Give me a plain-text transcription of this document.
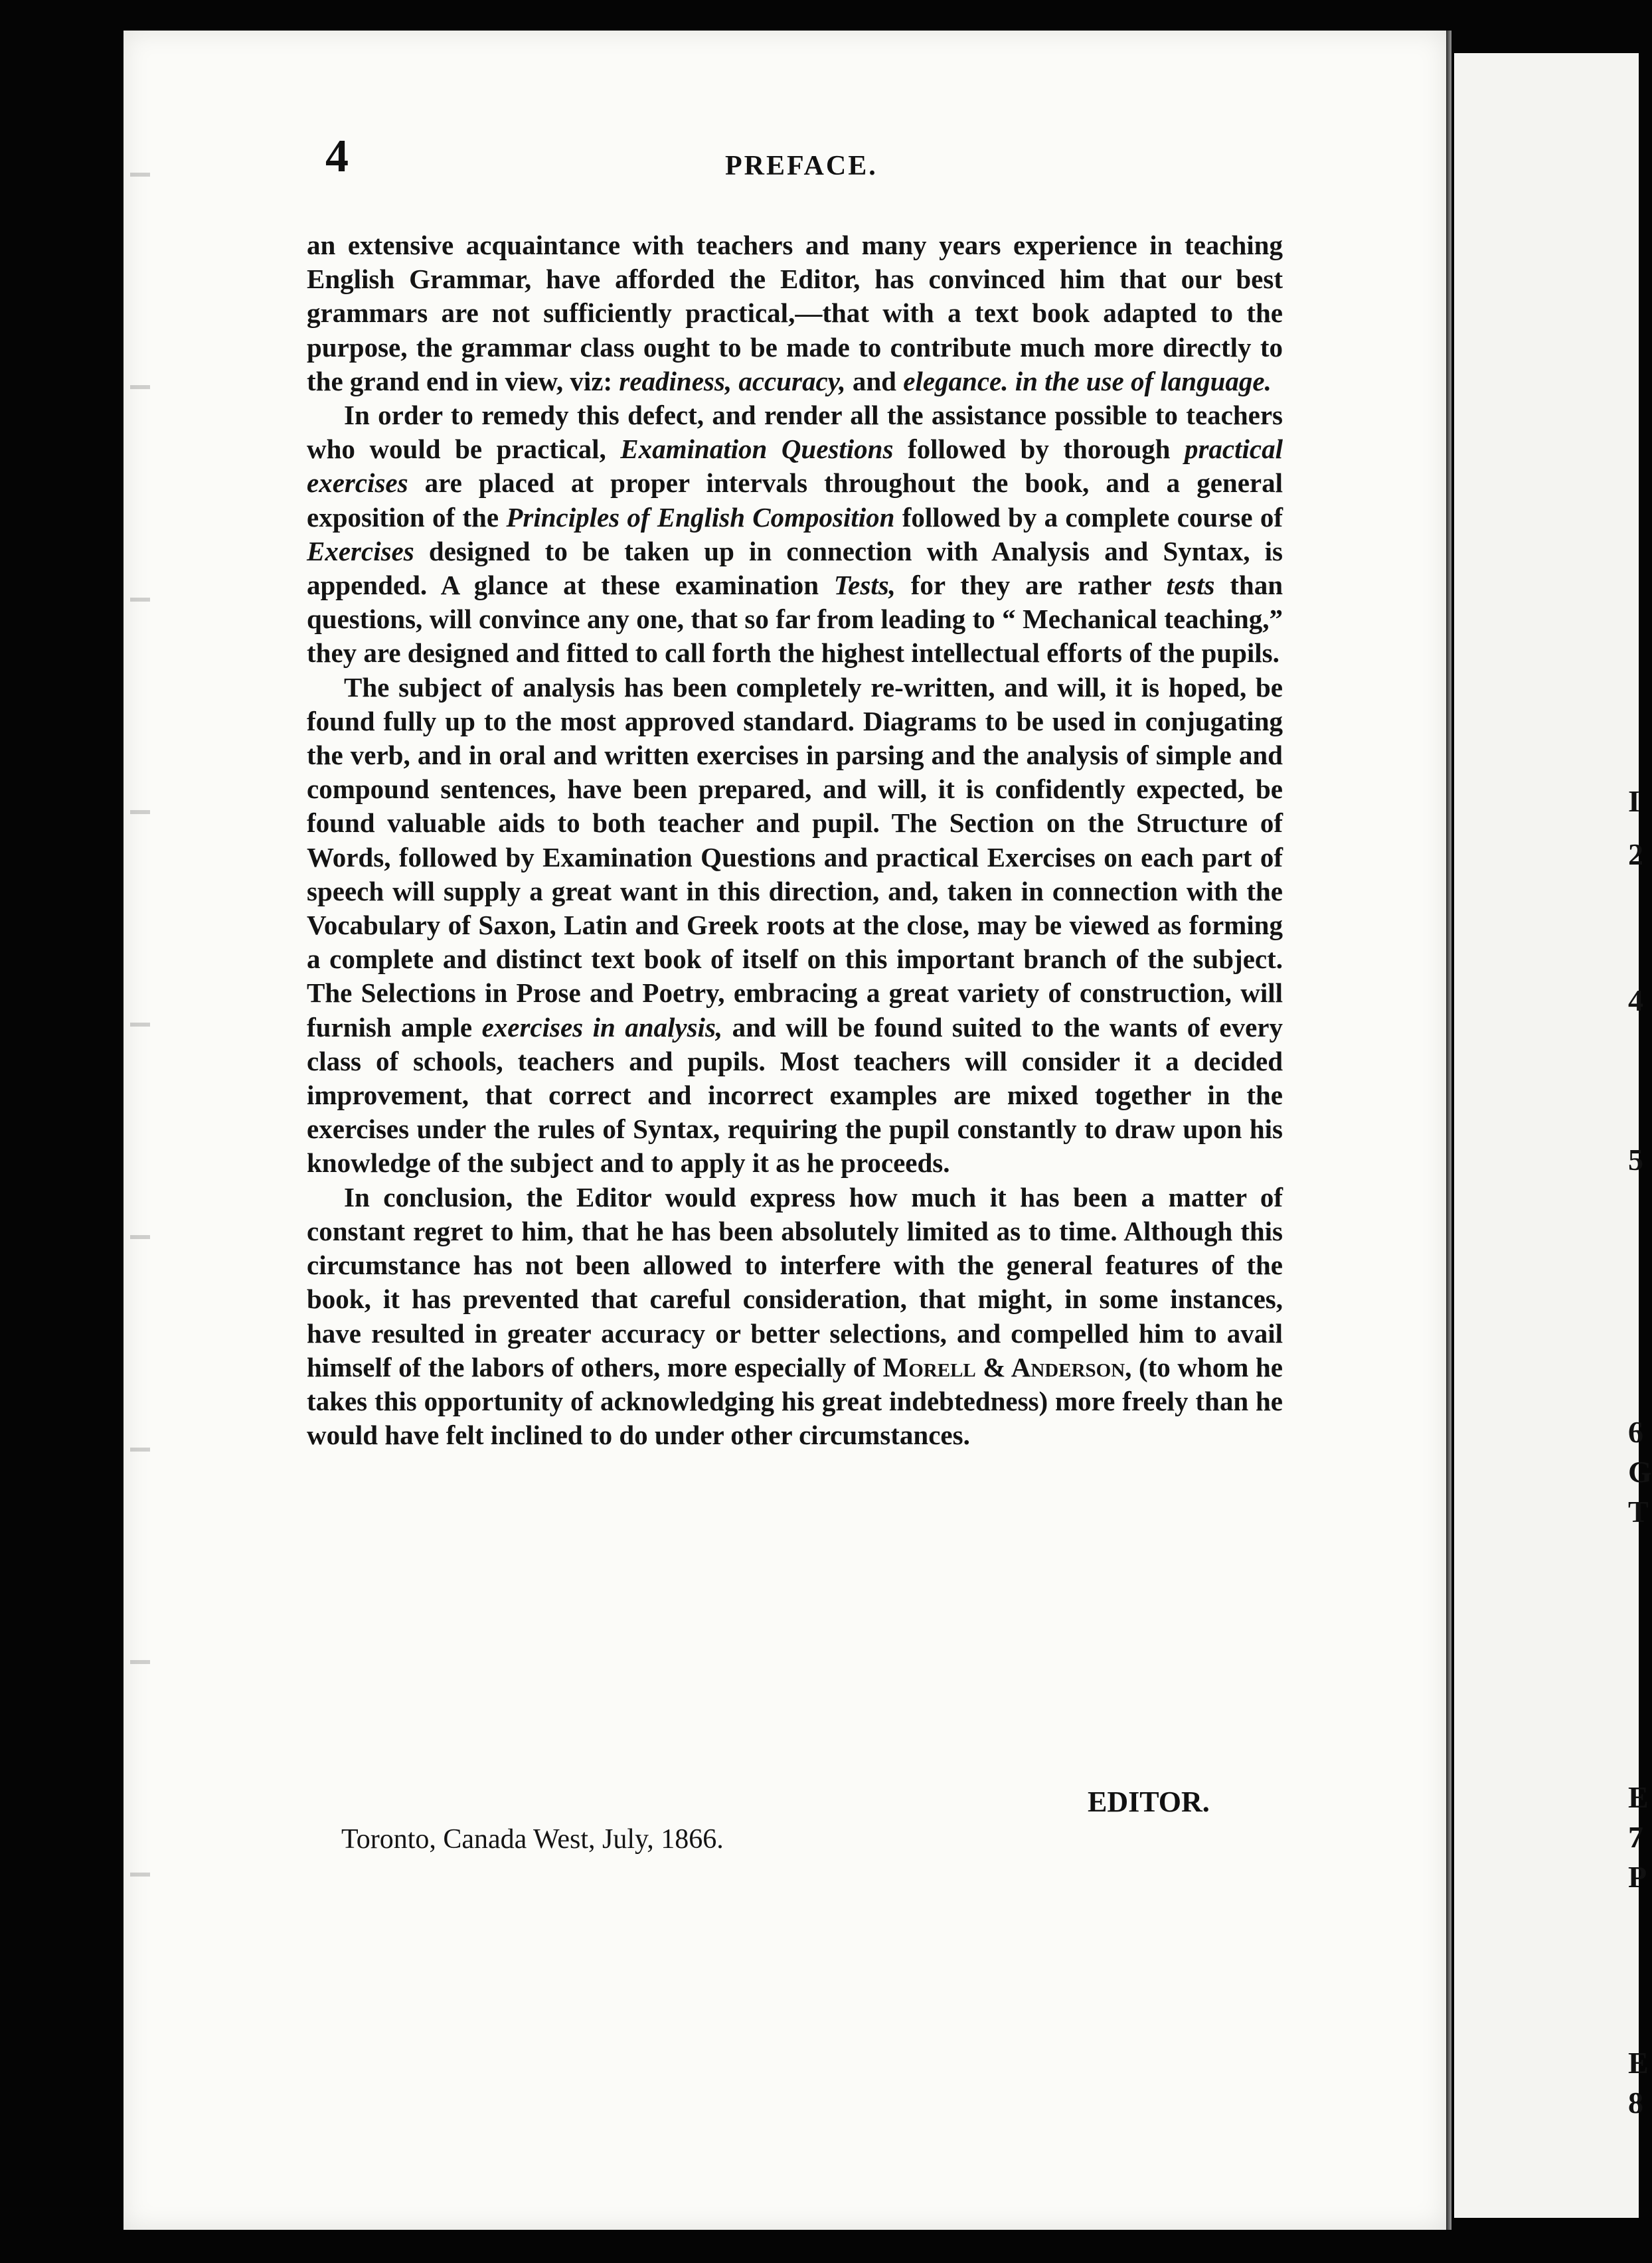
I
2
4
5
6
G
T
E
7
P
E
8
4	PREFACE.

an extensive acquaintance with teachers and many years experience in teaching English Grammar, have afforded the Editor, has convinced him that our best grammars are not sufficiently practical,—that with a text book adapted to the purpose, the grammar class ought to be made to contribute much more directly to the grand end in view, viz: readiness, accuracy, and elegance. in the use of language.

In order to remedy this defect, and render all the assistance possible to teachers who would be practical, Examination Questions followed by thorough practical exercises are placed at proper intervals throughout the book, and a general exposition of the Principles of English Composition followed by a complete course of Exercises designed to be taken up in connection with Analysis and Syntax, is appended. A glance at these examination Tests, for they are rather tests than questions, will convince any one, that so far from leading to “ Mechanical teaching,” they are designed and fitted to call forth the highest intellectual efforts of the pupils.

The subject of analysis has been completely re-written, and will, it is hoped, be found fully up to the most approved standard. Diagrams to be used in conjugating the verb, and in oral and written exercises in parsing and the analysis of simple and compound sentences, have been prepared, and will, it is confidently expected, be found valuable aids to both teacher and pupil. The Section on the Structure of Words, followed by Examination Questions and practical Exercises on each part of speech will supply a great want in this direction, and, taken in connection with the Vocabulary of Saxon, Latin and Greek roots at the close, may be viewed as forming a complete and distinct text book of itself on this important branch of the subject. The Selections in Prose and Poetry, embracing a great variety of construction, will furnish ample exercises in analysis, and will be found suited to the wants of every class of schools, teachers and pupils. Most teachers will consider it a decided improvement, that correct and incorrect examples are mixed together in the exercises under the rules of Syntax, requiring the pupil constantly to draw upon his knowledge of the subject and to apply it as he proceeds.

In conclusion, the Editor would express how much it has been a matter of constant regret to him, that he has been absolutely limited as to time. Although this circumstance has not been allowed to interfere with the general features of the book, it has prevented that careful consideration, that might, in some instances, have resulted in greater accuracy or better selections, and compelled him to avail himself of the labors of others, more especially of Morell & Anderson, (to whom he takes this opportunity of acknowledging his great indebtedness) more freely than he would have felt inclined to do under other circumstances.

EDITOR.
Toronto, Canada West, July, 1866.
